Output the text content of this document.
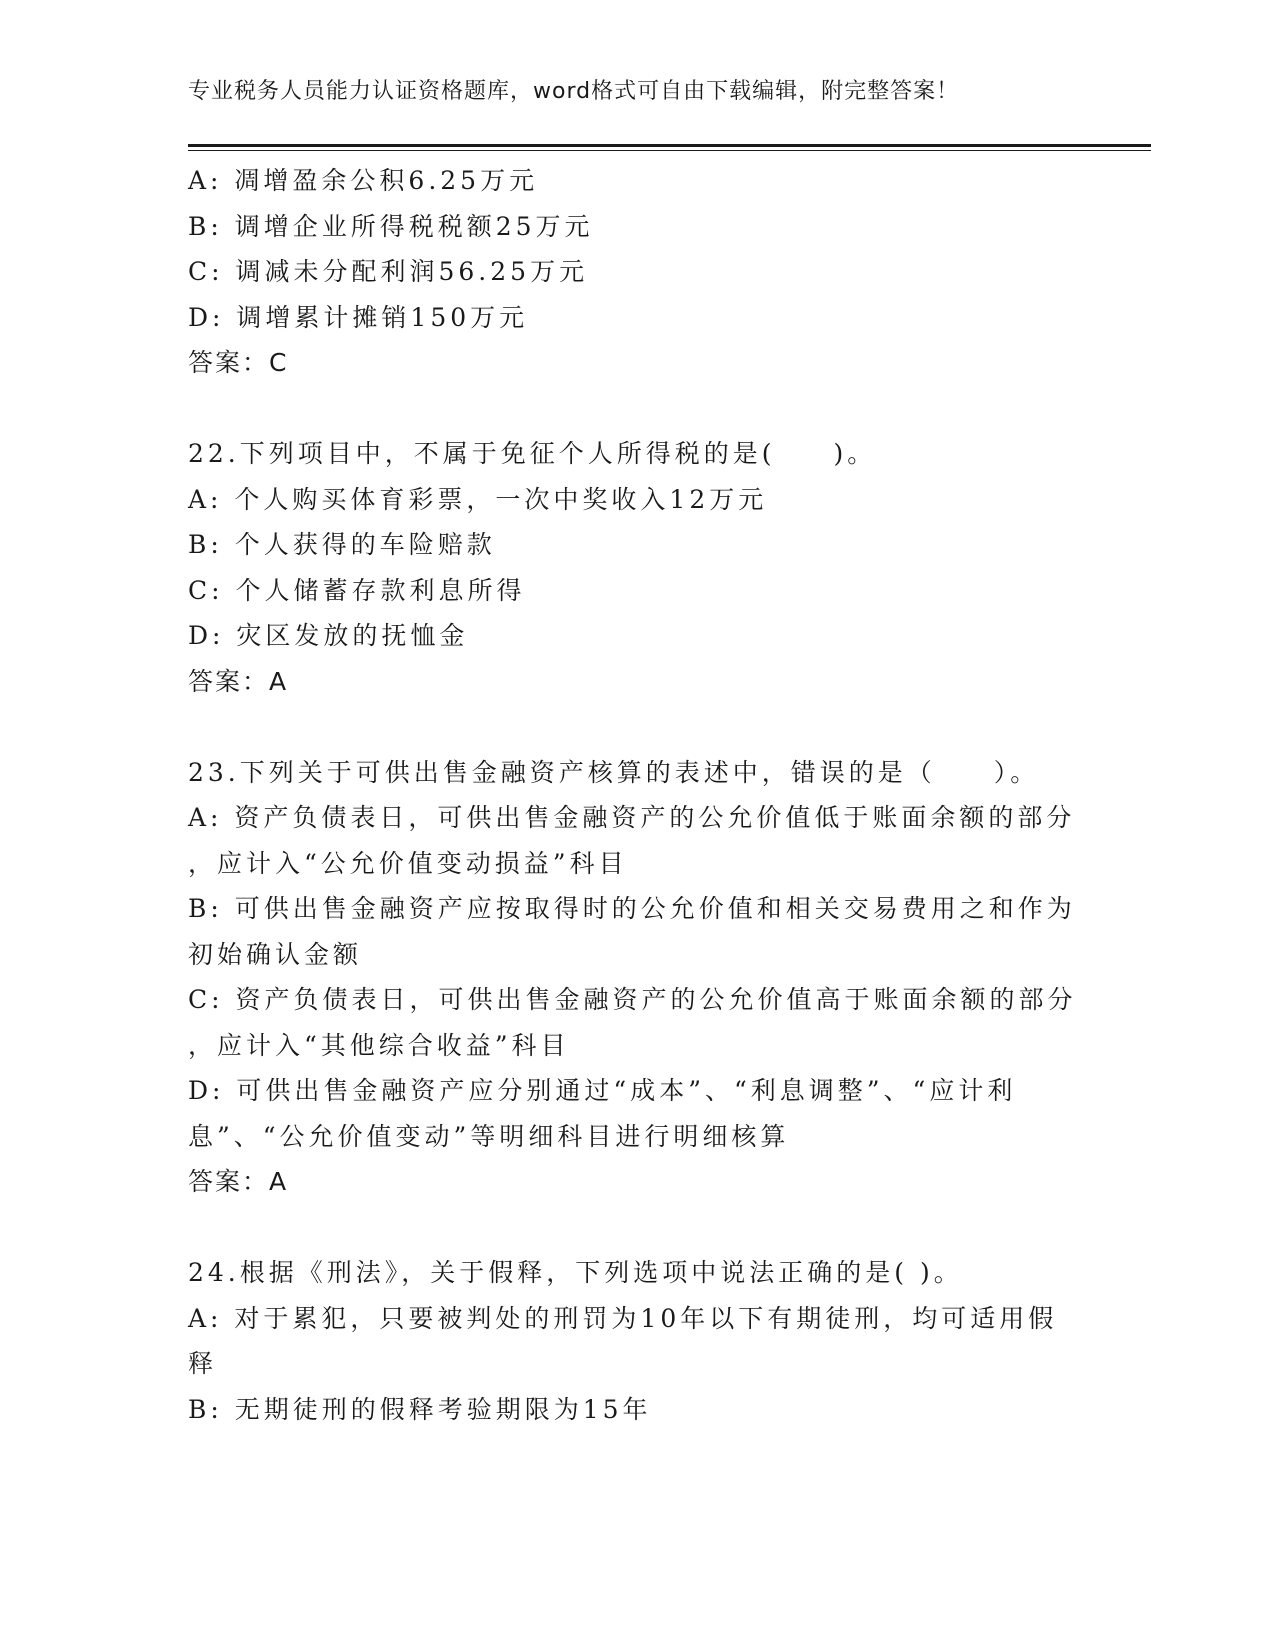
专业税务人员能力认证资格题库，word格式可自由下载编辑，附完整答案！
A: 凋增盈余公积6.25万元
B: 调增企业所得税税额25万元
C: 调减未分配利润56.25万元
D: 调增累计摊销150万元
答案：C
22.下列项目中，不属于免征个人所得税的是(　　)。
A: 个人购买体育彩票，一次中奖收入12万元
B: 个人获得的车险赔款
C: 个人储蓄存款利息所得
D: 灾区发放的抚恤金
答案：A
23.下列关于可供出售金融资产核算的表述中，错误的是（　　）。
A: 资产负债表日，可供出售金融资产的公允价值低于账面余额的部分
，应计入“公允价值变动损益”科目
B: 可供出售金融资产应按取得时的公允价值和相关交易费用之和作为
初始确认金额
C: 资产负债表日，可供出售金融资产的公允价值高于账面余额的部分
，应计入“其他综合收益”科目
D: 可供出售金融资产应分别通过“成本”、“利息调整”、“应计利
息”、“公允价值变动”等明细科目进行明细核算
答案：A
24.根据《刑法》，关于假释，下列选项中说法正确的是( )。
A: 对于累犯，只要被判处的刑罚为10年以下有期徒刑，均可适用假
释
B: 无期徒刑的假释考验期限为15年
